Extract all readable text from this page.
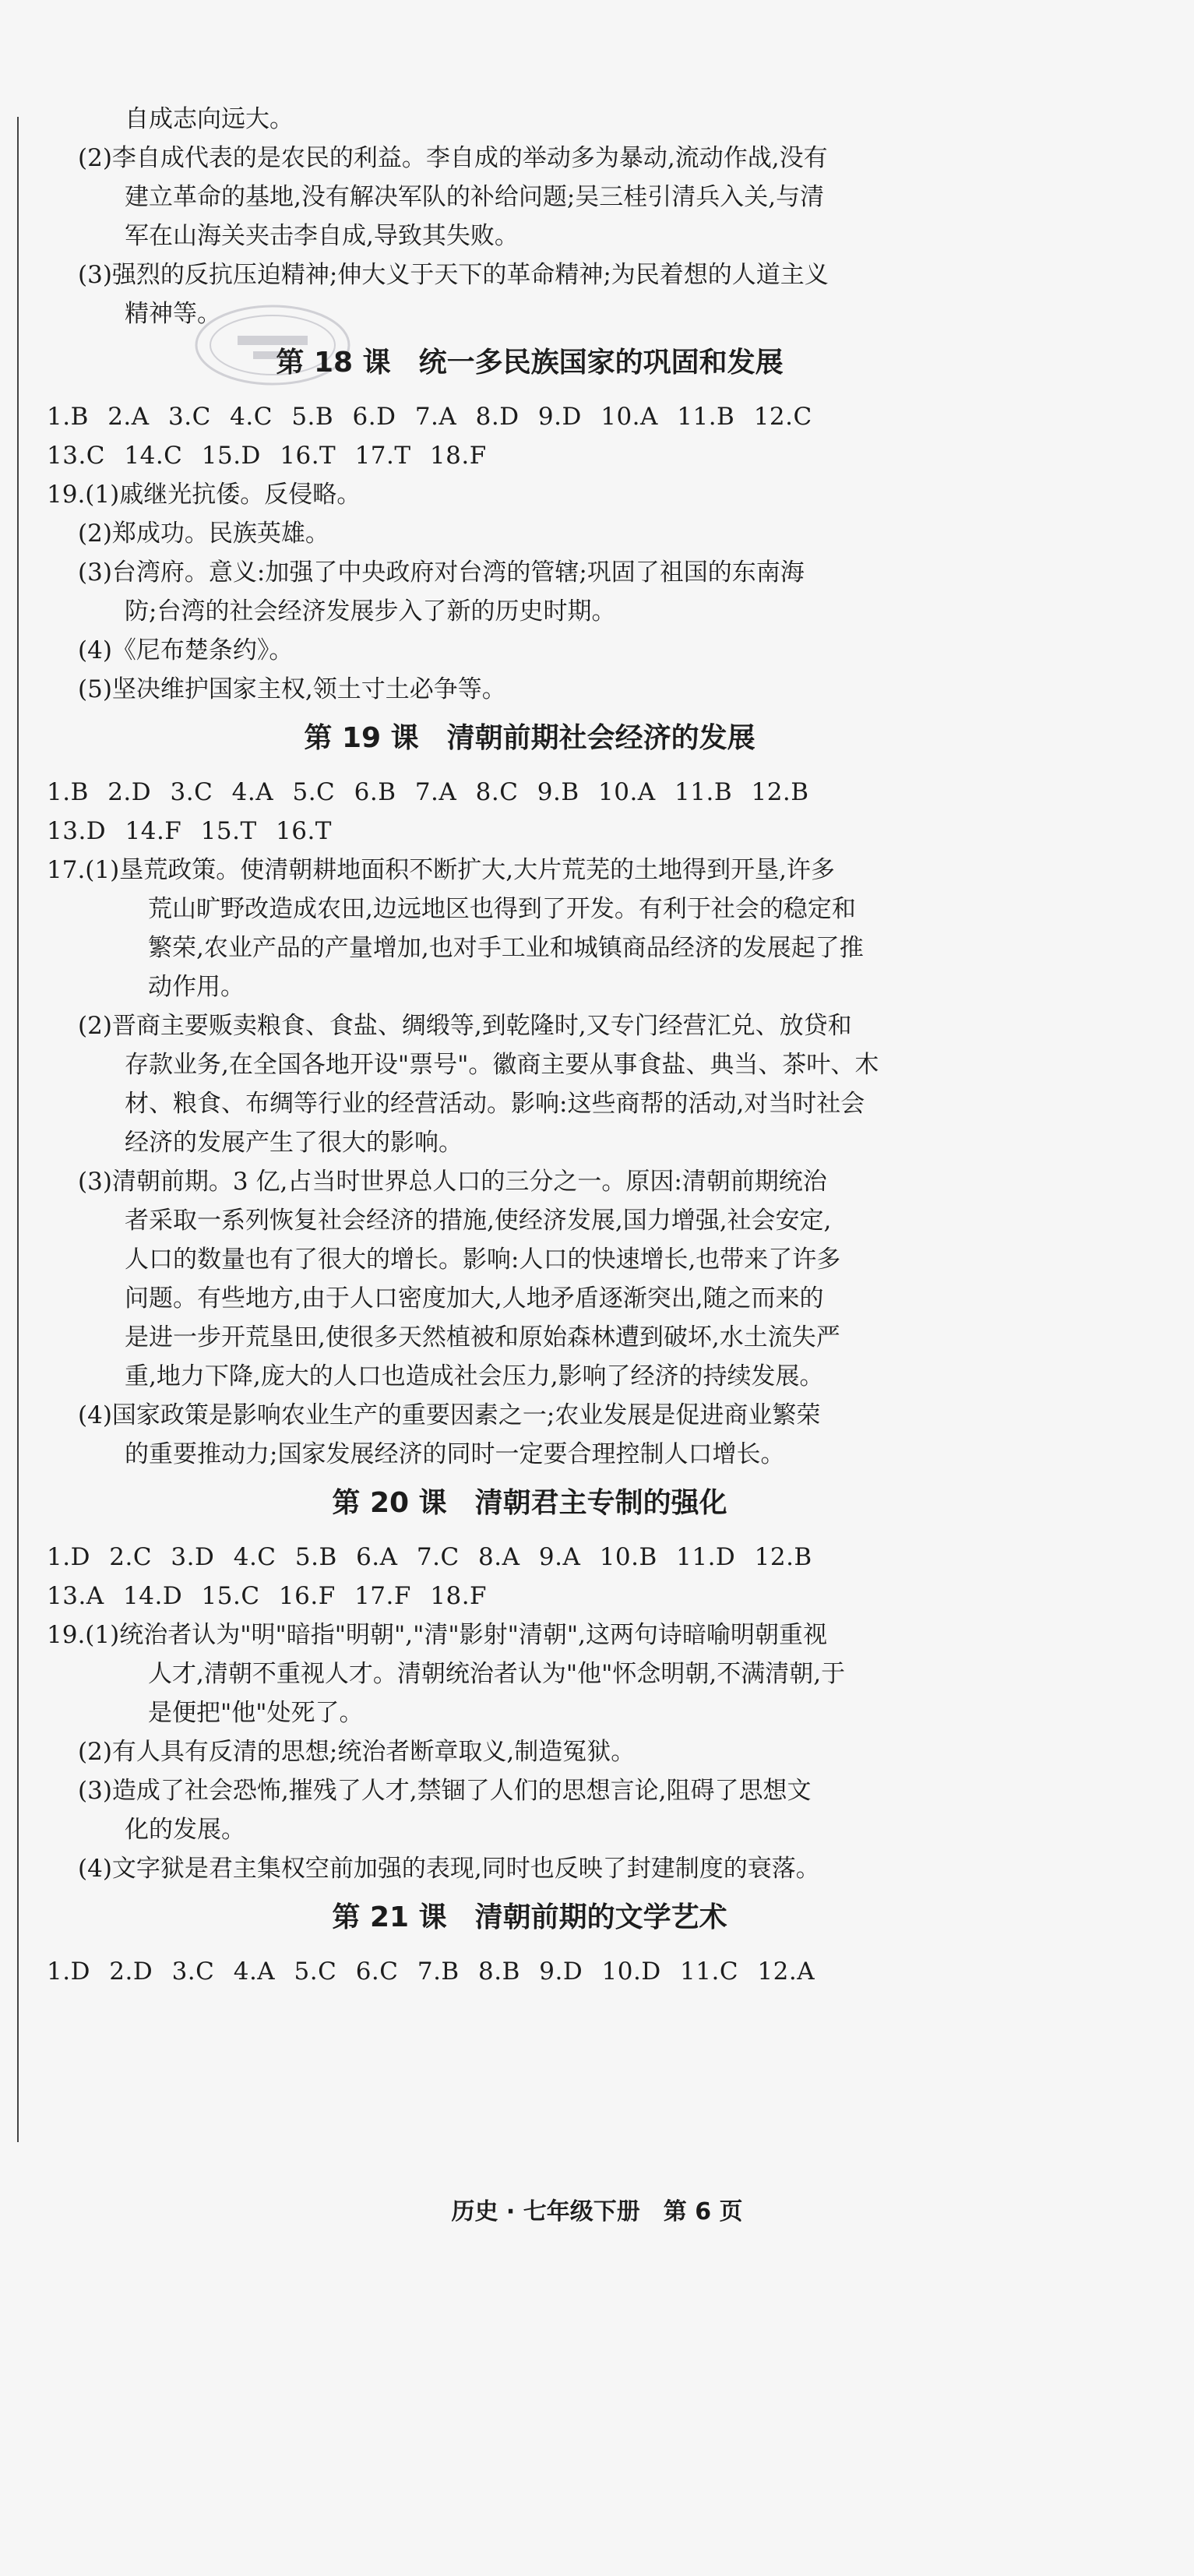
自成志向远大。
(2)李自成代表的是农民的利益。李自成的举动多为暴动,流动作战,没有
建立革命的基地,没有解决军队的补给问题;吴三桂引清兵入关,与清
军在山海关夹击李自成,导致其失败。
(3)强烈的反抗压迫精神;伸大义于天下的革命精神;为民着想的人道主义
精神等。
第 18 课　统一多民族国家的巩固和发展
1.B 2.A 3.C 4.C 5.B 6.D 7.A 8.D 9.D 10.A 11.B 12.C
13.C 14.C 15.D 16.T 17.T 18.F
19.(1)戚继光抗倭。反侵略。
(2)郑成功。民族英雄。
(3)台湾府。意义:加强了中央政府对台湾的管辖;巩固了祖国的东南海
防;台湾的社会经济发展步入了新的历史时期。
(4)《尼布楚条约》。
(5)坚决维护国家主权,领土寸土必争等。
第 19 课　清朝前期社会经济的发展
1.B 2.D 3.C 4.A 5.C 6.B 7.A 8.C 9.B 10.A 11.B 12.B
13.D 14.F 15.T 16.T
17.(1)垦荒政策。使清朝耕地面积不断扩大,大片荒芜的土地得到开垦,许多
荒山旷野改造成农田,边远地区也得到了开发。有利于社会的稳定和
繁荣,农业产品的产量增加,也对手工业和城镇商品经济的发展起了推
动作用。
(2)晋商主要贩卖粮食、食盐、绸缎等,到乾隆时,又专门经营汇兑、放贷和
存款业务,在全国各地开设"票号"。徽商主要从事食盐、典当、茶叶、木
材、粮食、布绸等行业的经营活动。影响:这些商帮的活动,对当时社会
经济的发展产生了很大的影响。
(3)清朝前期。3 亿,占当时世界总人口的三分之一。原因:清朝前期统治
者采取一系列恢复社会经济的措施,使经济发展,国力增强,社会安定,
人口的数量也有了很大的增长。影响:人口的快速增长,也带来了许多
问题。有些地方,由于人口密度加大,人地矛盾逐渐突出,随之而来的
是进一步开荒垦田,使很多天然植被和原始森林遭到破坏,水土流失严
重,地力下降,庞大的人口也造成社会压力,影响了经济的持续发展。
(4)国家政策是影响农业生产的重要因素之一;农业发展是促进商业繁荣
的重要推动力;国家发展经济的同时一定要合理控制人口增长。
第 20 课　清朝君主专制的强化
1.D 2.C 3.D 4.C 5.B 6.A 7.C 8.A 9.A 10.B 11.D 12.B
13.A 14.D 15.C 16.F 17.F 18.F
19.(1)统治者认为"明"暗指"明朝","清"影射"清朝",这两句诗暗喻明朝重视
人才,清朝不重视人才。清朝统治者认为"他"怀念明朝,不满清朝,于
是便把"他"处死了。
(2)有人具有反清的思想;统治者断章取义,制造冤狱。
(3)造成了社会恐怖,摧残了人才,禁锢了人们的思想言论,阻碍了思想文
化的发展。
(4)文字狱是君主集权空前加强的表现,同时也反映了封建制度的衰落。
第 21 课　清朝前期的文学艺术
1.D 2.D 3.C 4.A 5.C 6.C 7.B 8.B 9.D 10.D 11.C 12.A
历史 · 七年级下册　第 6 页
